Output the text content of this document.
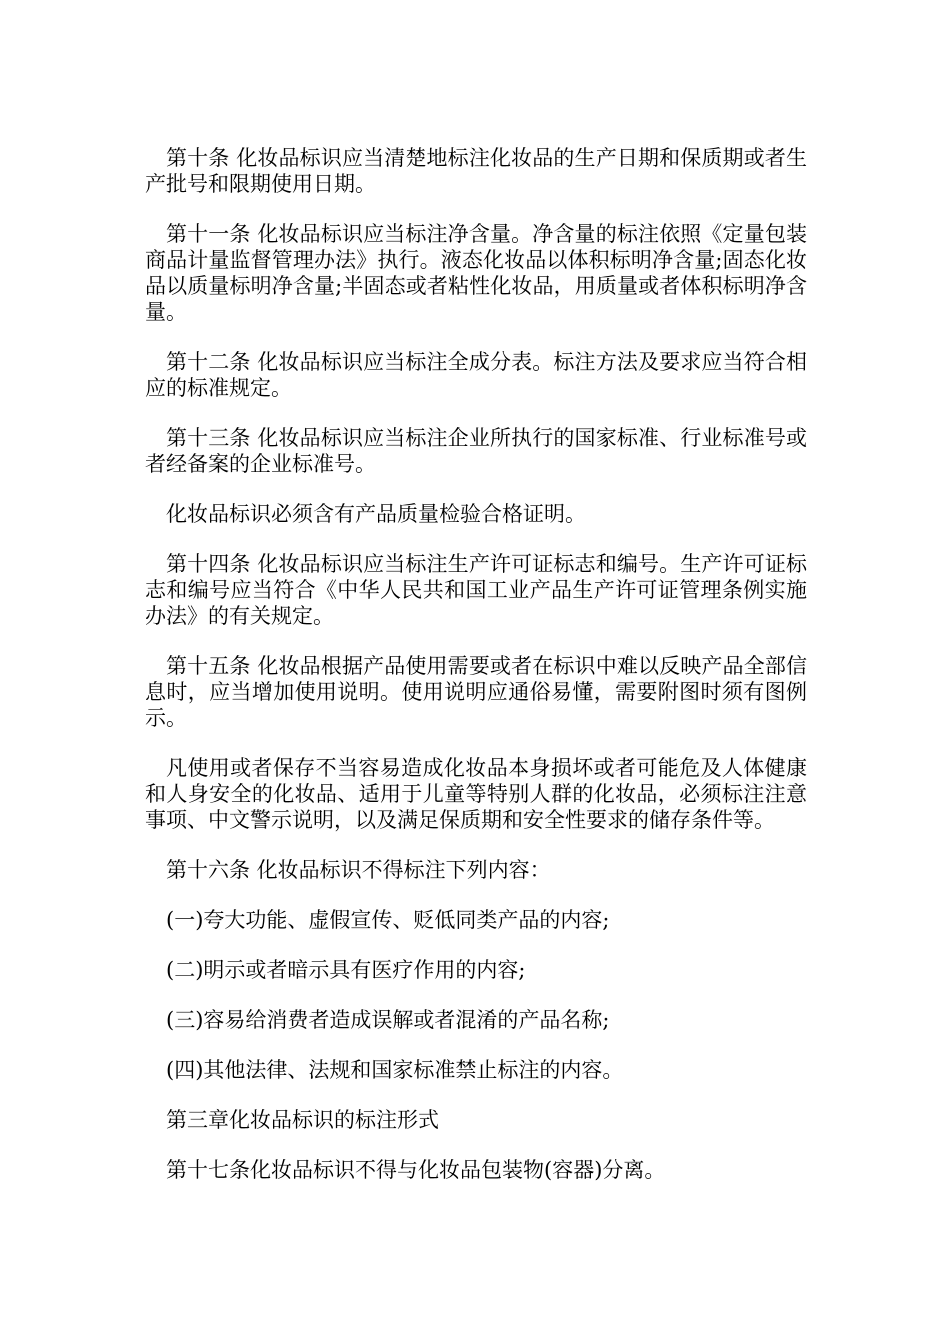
第十条 化妆品标识应当清楚地标注化妆品的生产日期和保质期或者生产批号和限期使用日期。

第十一条 化妆品标识应当标注净含量。净含量的标注依照《定量包装商品计量监督管理办法》执行。液态化妆品以体积标明净含量;固态化妆品以质量标明净含量;半固态或者粘性化妆品，用质量或者体积标明净含量。

第十二条 化妆品标识应当标注全成分表。标注方法及要求应当符合相应的标准规定。

第十三条 化妆品标识应当标注企业所执行的国家标准、行业标准号或者经备案的企业标准号。

化妆品标识必须含有产品质量检验合格证明。

第十四条 化妆品标识应当标注生产许可证标志和编号。生产许可证标志和编号应当符合《中华人民共和国工业产品生产许可证管理条例实施办法》的有关规定。

第十五条 化妆品根据产品使用需要或者在标识中难以反映产品全部信息时，应当增加使用说明。使用说明应通俗易懂，需要附图时须有图例示。

凡使用或者保存不当容易造成化妆品本身损坏或者可能危及人体健康和人身安全的化妆品、适用于儿童等特别人群的化妆品，必须标注注意事项、中文警示说明，以及满足保质期和安全性要求的储存条件等。

第十六条 化妆品标识不得标注下列内容：

(一)夸大功能、虚假宣传、贬低同类产品的内容;

(二)明示或者暗示具有医疗作用的内容;

(三)容易给消费者造成误解或者混淆的产品名称;

(四)其他法律、法规和国家标准禁止标注的内容。

第三章化妆品标识的标注形式

第十七条化妆品标识不得与化妆品包装物(容器)分离。
